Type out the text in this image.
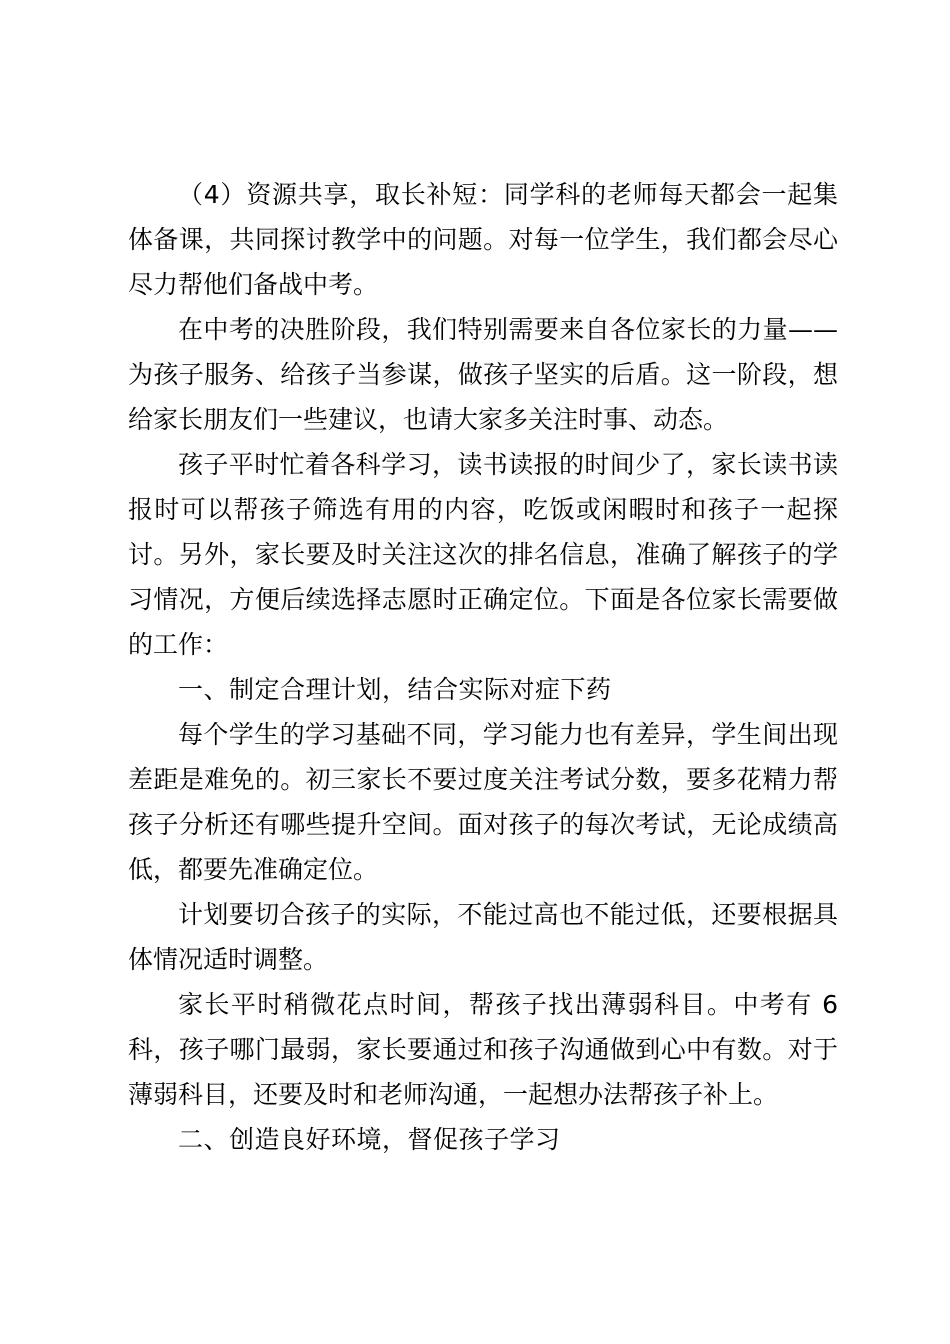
（4）资源共享，取长补短：同学科的老师每天都会一起集体备课，共同探讨教学中的问题。对每一位学生，我们都会尽心尽力帮他们备战中考。

在中考的决胜阶段，我们特别需要来自各位家长的力量——为孩子服务、给孩子当参谋，做孩子坚实的后盾。这一阶段，想给家长朋友们一些建议，也请大家多关注时事、动态。

孩子平时忙着各科学习，读书读报的时间少了，家长读书读报时可以帮孩子筛选有用的内容，吃饭或闲暇时和孩子一起探讨。另外，家长要及时关注这次的排名信息，准确了解孩子的学习情况，方便后续选择志愿时正确定位。下面是各位家长需要做的工作：

一、制定合理计划，结合实际对症下药

每个学生的学习基础不同，学习能力也有差异，学生间出现差距是难免的。初三家长不要过度关注考试分数，要多花精力帮孩子分析还有哪些提升空间。面对孩子的每次考试，无论成绩高低，都要先准确定位。

计划要切合孩子的实际，不能过高也不能过低，还要根据具体情况适时调整。

家长平时稍微花点时间，帮孩子找出薄弱科目。中考有 6 科，孩子哪门最弱，家长要通过和孩子沟通做到心中有数。对于薄弱科目，还要及时和老师沟通，一起想办法帮孩子补上。

二、创造良好环境，督促孩子学习
